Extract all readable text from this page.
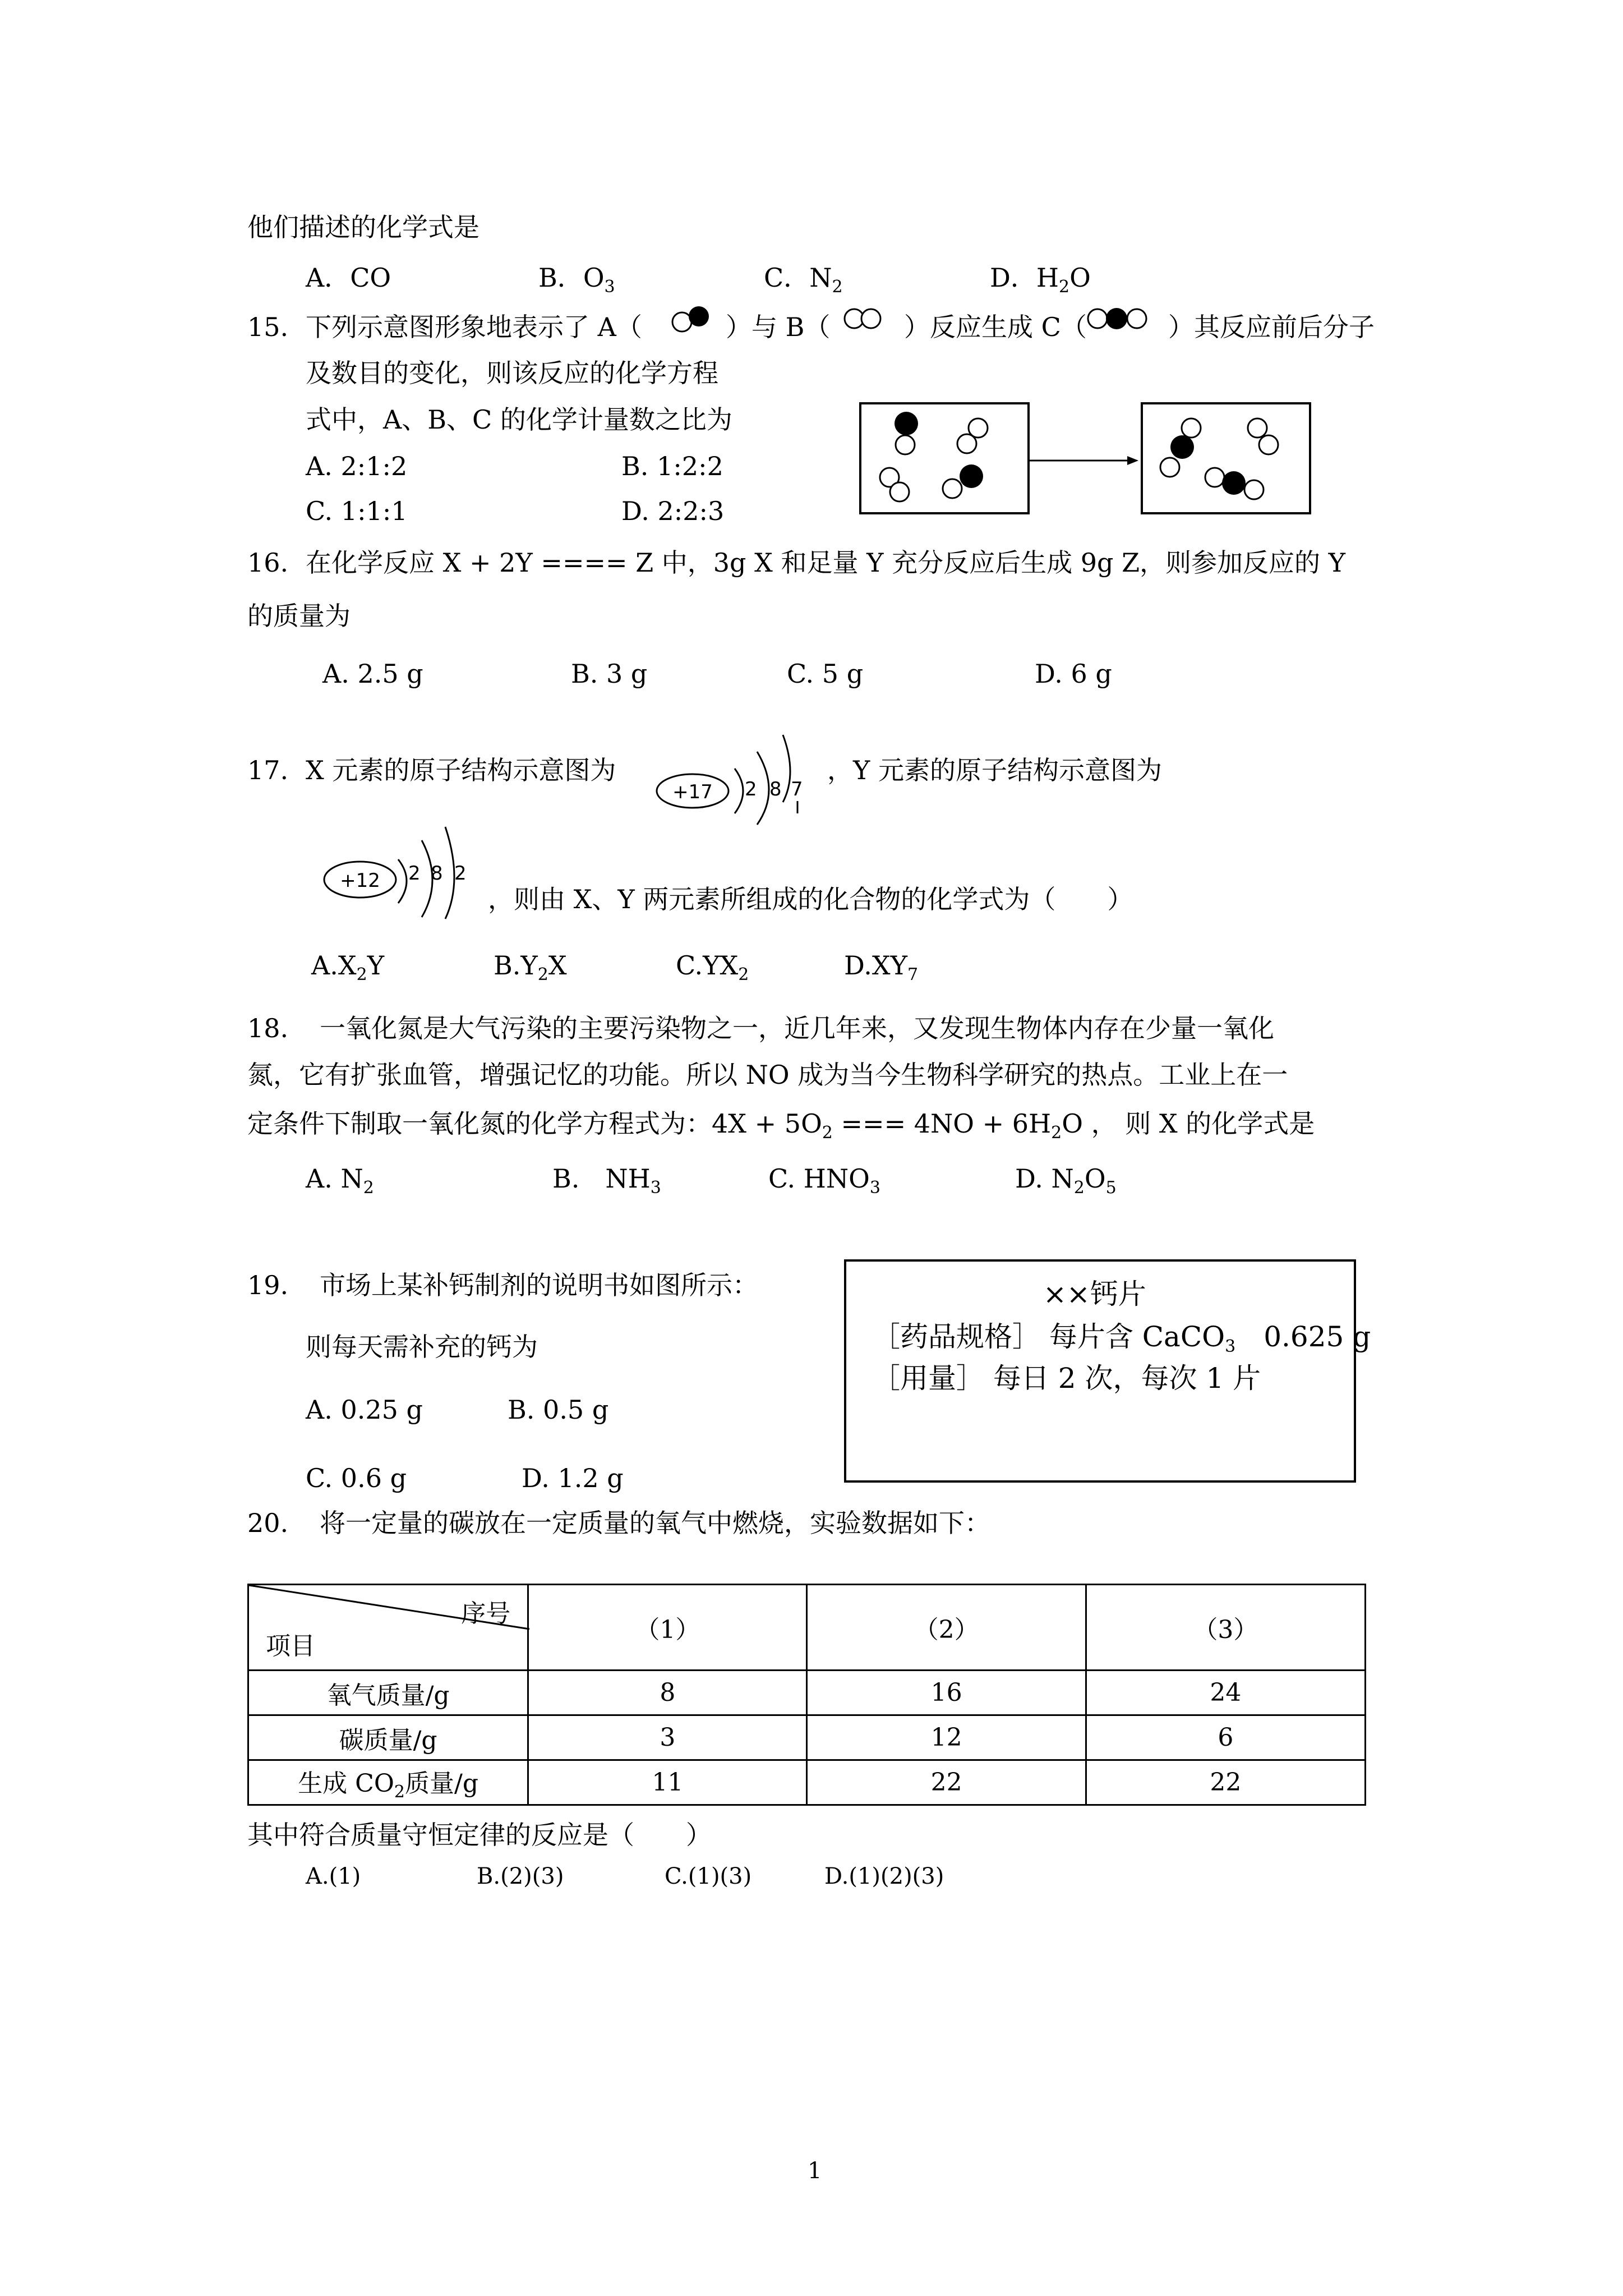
他们描述的化学式是
A．CO	B．$O_3$	C．$N_2$	D．$H_2O$
15. 下列示意图形象地表示了 A（	）与 B（	）反应生成 C（	）其反应前后分子
及数目的变化，则该反应的化学方程
式中，A、B、C 的化学计量数之比为
A. 2:1:2	B. 1:2:2
C. 1:1:1	D. 2:2:3
16. 在化学反应 X + 2Y ==== Z 中，3g X 和足量 Y 充分反应后生成 9g Z，则参加反应的 Y
的质量为
A. 2.5 g	B. 3 g	C. 5 g	D. 6 g
17. X 元素的原子结构示意图为
+17 2 8 7
，Y 元素的原子结构示意图为
+12 2 8 2
，则由 X、Y 两元素所组成的化合物的化学式为（　　）
$A.X_2Y$	$B.Y_2X$	$C.YX_2$	$D.XY_7$
18. 一氧化氮是大气污染的主要污染物之一，近几年来，又发现生物体内存在少量一氧化
氮，它有扩张血管，增强记忆的功能。所以 NO 成为当今生物科学研究的热点。工业上在一
定条件下制取一氧化氮的化学方程式为：$4X + 5O_2$ === $4NO + 6H_2O$ ， 则 X 的化学式是
A. $N_2$	B.　$NH_3$	C. $HNO_3$	D. $N_2O_5$
19. 市场上某补钙制剂的说明书如图所示：
则每天需补充的钙为
A. 0.25 g	B. 0.5 g
C. 0.6 g	D. 1.2 g
××钙片
［药品规格］ 每片含 CaCO$_3$　0.625 g
［用量］ 每日 2 次，每次 1 片
20. 将一定量的碳放在一定质量的氧气中燃烧，实验数据如下：
序号
项目	（1）	（2）	（3）
氧气质量/g	8	16	24
碳质量/g	3	12	6
生成 $CO_2$质量/g	11	22	22
其中符合质量守恒定律的反应是（　　）
A.(1)	B.(2)(3)	C.(1)(3)	D.(1)(2)(3)
1
